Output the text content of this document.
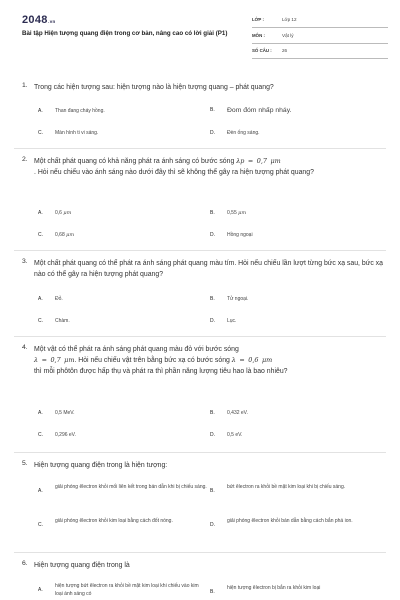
2048.vn
Bài tập Hiện tượng quang điện trong cơ bản, nâng cao có lời giải (P1)
LỚP :	Lớp 12
MÔN :	Vật lý
SỐ CÂU : 26
1. Trong các hiện tượng sau: hiện tượng nào là hiện tượng quang – phát quang?
A. Than đang cháy hồng.	B. Đom đóm nhấp nháy.
C. Màn hình ti vi sáng.	D. Đèn ống sáng.
2. Một chất phát quang có khả năng phát ra ánh sáng có bước sóng λp = 0,7 μm
. Hỏi nếu chiếu vào ánh sáng nào dưới đây thì sẽ không thể gây ra hiện tượng phát quang?
A. 0,6 μm	B. 0,55 μm
C. 0,68 μm	D. Hồng ngoại
3. Một chất phát quang có thể phát ra ánh sáng phát quang màu tím. Hỏi nếu chiếu lần lượt từng bức xạ sau, bức xạ nào có thể gây ra hiện tượng phát quang?
A. Đỏ.	B. Tử ngoại.
C. Chàm.	D. Lục.
4. Một vật có thể phát ra ánh sáng phát quang màu đỏ với bước sóng
λ = 0,7 μm. Hỏi nếu chiếu vật trên bằng bức xạ có bước sóng λ = 0,6 μm
thì mỗi phôtôn được hấp thụ và phát ra thì phần năng lượng tiêu hao là bao nhiêu?
A. 0,5 MeV.	B. 0,432 eV.
C. 0,296 eV.	D. 0,5 eV.
5. Hiện tượng quang điện trong là hiện tượng:
A.
giải phóng êlectron khỏi mối liên kết trong bán dẫn khi bị chiếu sáng.
B.
bứt êlectron ra khỏi bề mặt kim loại khi bị chiếu sáng.
C.
giải phóng êlectron khỏi kim loại bằng cách đốt nóng.
D.
giải phóng êlectron khỏi bán dẫn bằng cách bắn phá ion.
6. Hiện tượng quang điện trong là
A.
hiện tượng bứt êlectron ra khỏi bề mặt kim loại khi chiếu vào kim loại ánh sáng có	B.
hiện tượng êlectron bị bắn ra khỏi kim loại
